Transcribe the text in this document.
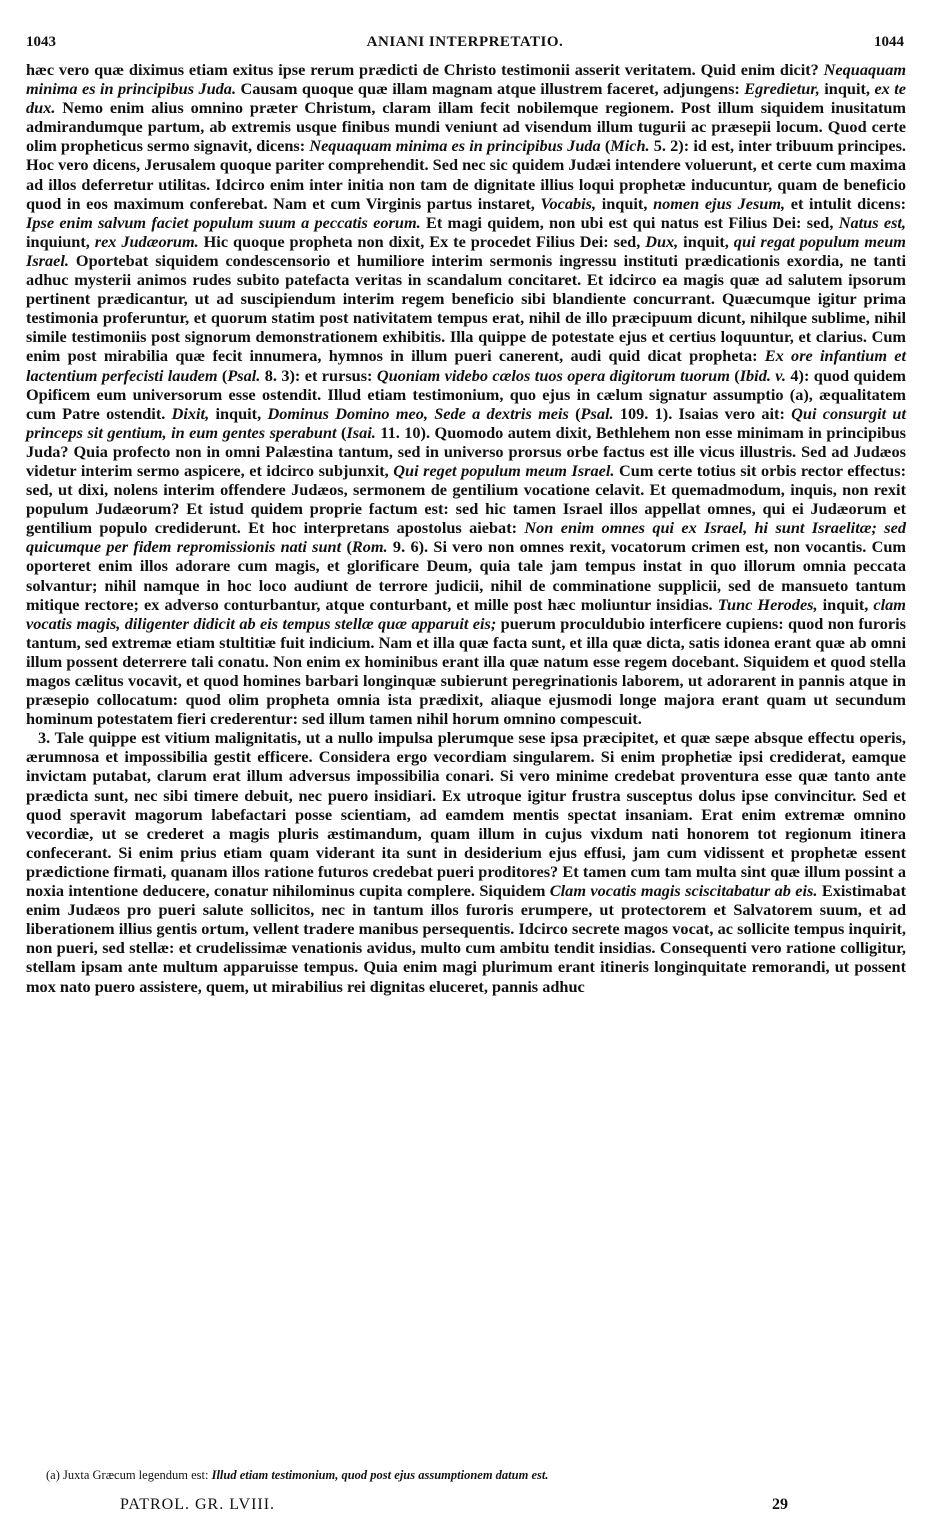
1043	ANIANI INTERPRETATIO.	1044

hæc vero quæ diximus etiam exitus ipse rerum prædicti de Christo testimonii asserit veritatem. Quid enim dicit? Nequaquam minima es in principibus Juda. Causam quoque quæ illam magnam atque illustrem faceret, adjungens: Egredietur, inquit, ex te dux. Nemo enim alius omnino præter Christum, claram illam fecit nobilemque regionem. Post illum siquidem inusitatum admirandumque partum, ab extremis usque finibus mundi veniunt ad visendum illum tugurii ac præsepii locum. Quod certe olim propheticus sermo signavit, dicens: Nequaquam minima es in principibus Juda (Mich. 5. 2): id est, inter tribuum principes. Hoc vero dicens, Jerusalem quoque pariter comprehendit. Sed nec sic quidem Judæi intendere voluerunt, et certe cum maxima ad illos deferretur utilitas. Idcirco enim inter initia non tam de dignitate illius loqui prophetæ inducuntur, quam de beneficio quod in eos maximum conferebat. Nam et cum Virginis partus instaret, Vocabis, inquit, nomen ejus Jesum, et intulit dicens: Ipse enim salvum faciet populum suum a peccatis eorum. Et magi quidem, non ubi est qui natus est Filius Dei: sed, Natus est, inquiunt, rex Judæorum. Hic quoque propheta non dixit, Ex te procedet Filius Dei: sed, Dux, inquit, qui regat populum meum Israel. Oportebat siquidem condescensorio et humiliore interim sermonis ingressu instituti prædicationis exordia, ne tanti adhuc mysterii animos rudes subito patefacta veritas in scandalum concitaret. Et idcirco ea magis quæ ad salutem ipsorum pertinent prædicantur, ut ad suscipiendum interim regem beneficio sibi blandiente concurrant. Quæcumque igitur prima testimonia proferuntur, et quorum statim post nativitatem tempus erat, nihil de illo præcipuum dicunt, nihilque sublime, nihil simile testimoniis post signorum demonstrationem exhibitis. Illa quippe de potestate ejus et certius loquuntur, et clarius. Cum enim post mirabilia quæ fecit innumera, hymnos in illum pueri canerent, audi quid dicat propheta: Ex ore infantium et lactentium perfecisti laudem (Psal. 8. 3): et rursus: Quoniam videbo cælos tuos opera digitorum tuorum (Ibid. v. 4): quod quidem Opificem eum universorum esse ostendit. Illud etiam testimonium, quo ejus in cælum signatur assumptio (a), æqualitatem cum Patre ostendit. Dixit, inquit, Dominus Domino meo, Sede a dextris meis (Psal. 109. 1). Isaias vero ait: Qui consurgit ut princeps sit gentium, in eum gentes sperabunt (Isai. 11. 10). Quomodo autem dixit, Bethlehem non esse minimam in principibus Juda? Quia profecto non in omni Palæstina tantum, sed in universo prorsus orbe factus est ille vicus illustris. Sed ad Judæos videtur interim sermo aspicere, et idcirco subjunxit, Qui reget populum meum Israel. Cum certe totius sit orbis rector effectus: sed, ut dixi, nolens interim offendere Judæos, sermonem de gentilium vocatione celavit. Et quemadmodum, inquis, non rexit populum Judæorum? Et istud quidem proprie factum est: sed hic tamen Israel illos appellat omnes, qui ei Judæorum et gentilium populo crediderunt. Et hoc interpretans apostolus aiebat: Non enim omnes qui ex Israel, hi sunt Israelitæ; sed quicumque per fidem repromissionis nati sunt (Rom. 9. 6). Si vero non omnes rexit, vocatorum crimen est, non vocantis. Cum oporteret enim illos adorare cum magis, et glorificare Deum, quia tale jam tempus instat in quo illorum omnia peccata solvantur; nihil namque in hoc loco audiunt de terrore judicii, nihil de comminatione supplicii, sed de mansueto tantum mitique rectore; ex adverso conturbantur, atque conturbant, et mille post hæc moliuntur insidias. Tunc Herodes, inquit, clam vocatis magis, diligenter didicit ab eis tempus stellæ quæ apparuit eis; puerum proculdubio interficere cupiens: quod non furoris tantum, sed extremæ etiam stultitiæ fuit indicium. Nam et illa quæ facta sunt, et illa quæ dicta, satis idonea erant quæ ab omni illum possent deterrere tali conatu. Non enim ex hominibus erant illa quæ natum esse regem docebant. Siquidem et quod stella magos cælitus vocavit, et quod homines barbari longinquæ subierunt peregrinationis laborem, ut adorarent in pannis atque in præsepio collocatum: quod olim propheta omnia ista prædixit, aliaque ejusmodi longe majora erant quam ut secundum hominum potestatem fieri crederentur: sed illum tamen nihil horum omnino compescuit.

3. Tale quippe est vitium malignitatis, ut a nullo impulsa plerumque sese ipsa præcipitet, et quæ sæpe absque effectu operis, ærumnosa et impossibilia gestit efficere. Considera ergo vecordiam singularem. Si enim prophetiæ ipsi crediderat, eamque invictam putabat, clarum erat illum adversus impossibilia conari. Si vero minime credebat proventura esse quæ tanto ante prædicta sunt, nec sibi timere debuit, nec puero insidiari. Ex utroque igitur frustra susceptus dolus ipse convincitur. Sed et quod speravit magorum labefactari posse scientiam, ad eamdem mentis spectat insaniam. Erat enim extremæ omnino vecordiæ, ut se crederet a magis pluris æstimandum, quam illum in cujus vixdum nati honorem tot regionum itinera confecerant. Si enim prius etiam quam viderant ita sunt in desiderium ejus effusi, jam cum vidissent et prophetæ essent prædictione firmati, quanam illos ratione futuros credebat pueri proditores? Et tamen cum tam multa sint quæ illum possint a noxia intentione deducere, conatur nihilominus cupita complere. Siquidem Clam vocatis magis sciscitabatur ab eis. Existimabat enim Judæos pro pueri salute sollicitos, nec in tantum illos furoris erumpere, ut protectorem et Salvatorem suum, et ad liberationem illius gentis ortum, vellent tradere manibus persequentis. Idcirco secrete magos vocat, ac sollicite tempus inquirit, non pueri, sed stellæ: et crudelissimæ venationis avidus, multo cum ambitu tendit insidias. Consequenti vero ratione colligitur, stellam ipsam ante multum apparuisse tempus. Quia enim magi plurimum erant itineris longinquitate remorandi, ut possent mox nato puero assistere, quem, ut mirabilius rei dignitas eluceret, pannis adhuc

(a) Juxta Græcum legendum est: Illud etiam testimonium, quod post ejus assumptionem datum est.
PATROL. GR. LVIII.	29
